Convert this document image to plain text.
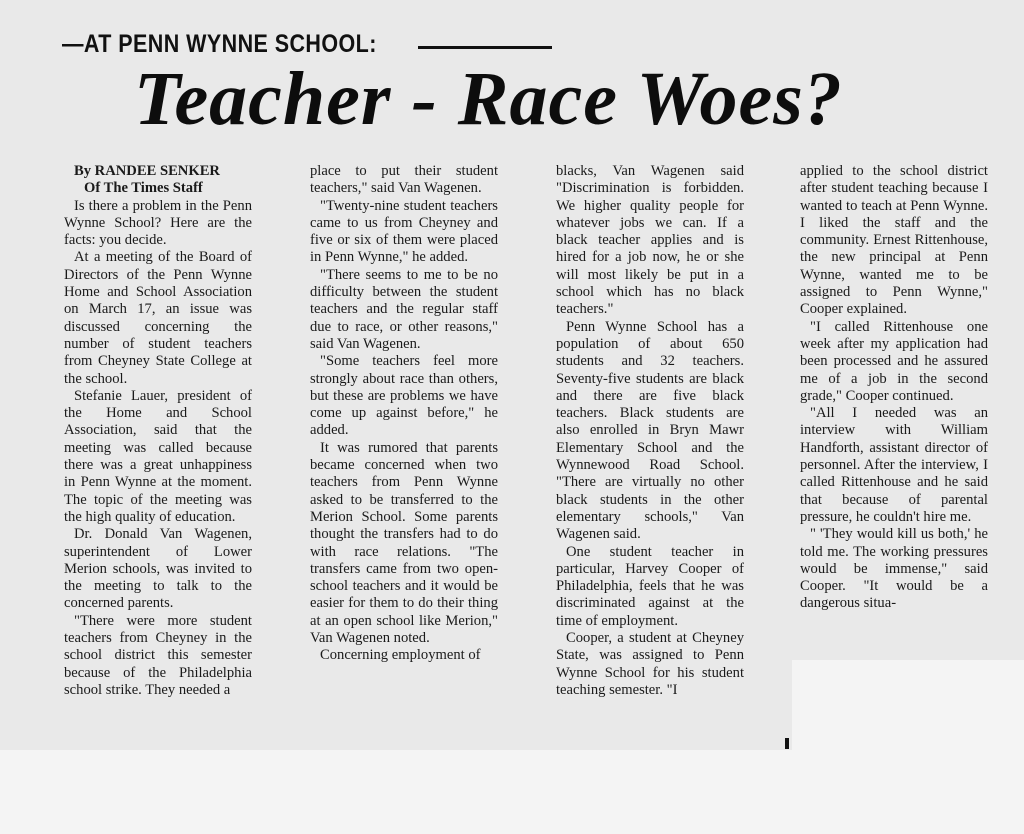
—AT PENN WYNNE SCHOOL:
Teacher - Race Woes?

By RANDEE SENKER

Of The Times Staff

Is there a problem in the Penn Wynne School? Here are the facts: you decide.

At a meeting of the Board of Directors of the Penn Wynne Home and School Association on March 17, an issue was discussed concerning the number of student teachers from Cheyney State College at the school.

Stefanie Lauer, president of the Home and School Association, said that the meeting was called because there was a great unhappiness in Penn Wynne at the moment. The topic of the meeting was the high quality of education.

Dr. Donald Van Wagenen, superintendent of Lower Merion schools, was invited to the meeting to talk to the concerned parents.

"There were more student teachers from Cheyney in the school district this semester because of the Philadelphia school strike. They needed a

place to put their student teachers," said Van Wagenen.

"Twenty-nine student teachers came to us from Cheyney and five or six of them were placed in Penn Wynne," he added.

"There seems to me to be no difficulty between the student teachers and the regular staff due to race, or other reasons," said Van Wagenen.

"Some teachers feel more strongly about race than others, but these are problems we have come up against before," he added.

It was rumored that parents became concerned when two teachers from Penn Wynne asked to be transferred to the Merion School. Some parents thought the transfers had to do with race relations. "The transfers came from two open-school teachers and it would be easier for them to do their thing at an open school like Merion," Van Wagenen noted.

Concerning employment of

blacks, Van Wagenen said "Discrimination is forbidden. We higher quality people for whatever jobs we can. If a black teacher applies and is hired for a job now, he or she will most likely be put in a school which has no black teachers."

Penn Wynne School has a population of about 650 students and 32 teachers. Seventy-five students are black and there are five black teachers. Black students are also enrolled in Bryn Mawr Elementary School and the Wynnewood Road School. "There are virtually no other black students in the other elementary schools," Van Wagenen said.

One student teacher in particular, Harvey Cooper of Philadelphia, feels that he was discriminated against at the time of employment.

Cooper, a student at Cheyney State, was assigned to Penn Wynne School for his student teaching semester. "I

applied to the school district after student teaching because I wanted to teach at Penn Wynne. I liked the staff and the community. Ernest Rittenhouse, the new principal at Penn Wynne, wanted me to be assigned to Penn Wynne," Cooper explained.

"I called Rittenhouse one week after my application had been processed and he assured me of a job in the second grade," Cooper continued.

"All I needed was an interview with William Handforth, assistant director of personnel. After the interview, I called Rittenhouse and he said that because of parental pressure, he couldn't hire me.

" 'They would kill us both,' he told me. The working pressures would be immense," said Cooper. "It would be a dangerous situa-
